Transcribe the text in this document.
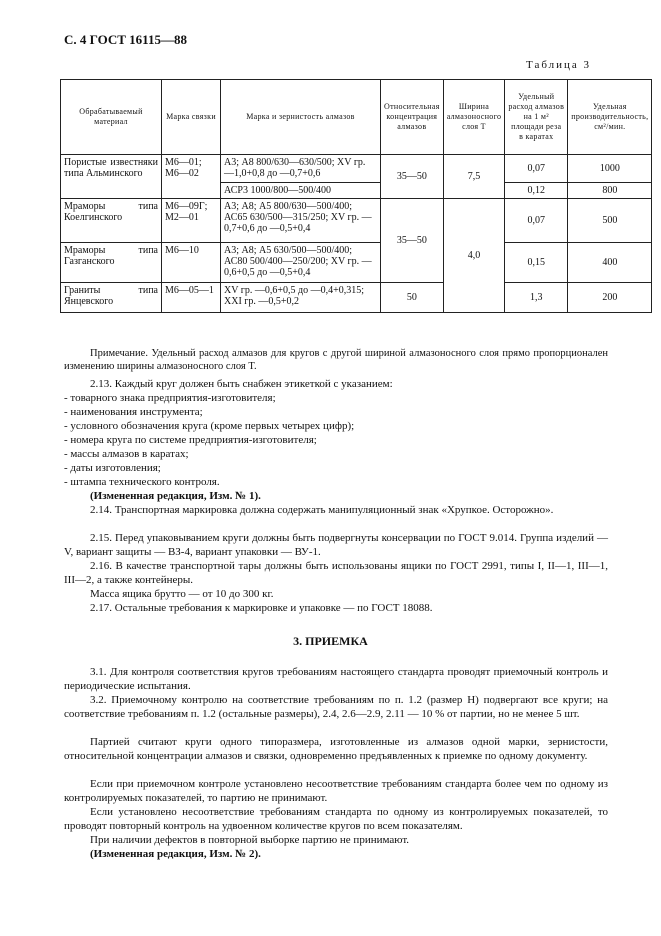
С. 4 ГОСТ 16115—88
Таблица 3
Обрабатываемый материал	Марка связки	Марка и зернистость алмазов	Относительная концентрация алмазов	Ширина алмазоносного слоя T	Удельный расход алмазов на 1 м² площади реза в каратах	Удельная производительность, см²/мин.
Пористые известняки типа Альминского	М6—01; М6—02	А3; А8 800/630—630/500; XV гр. —1,0+0,8 до —0,7+0,6	35—50	7,5	0,07	1000
		АСР3 1000/800—500/400			0,12	800
Мраморы типа Коелгинского	М6—09Г; М2—01	А3; А8; А5 800/630—500/400; АС65 630/500—315/250; XV гр. —0,7+0,6 до —0,5+0,4	35—50	4,0	0,07	500
Мраморы типа Газганского	М6—10	А3; А8; А5 630/500—500/400; АС80 500/400—250/200; XV гр. —0,6+0,5 до —0,5+0,4			0,15	400
Граниты типа Янцевского	М6—05—1	XV гр. —0,6+0,5 до —0,4+0,315; XXI гр. —0,5+0,2	50		1,3	200

Примечание. Удельный расход алмазов для кругов с другой шириной алмазоносного слоя прямо пропорционален изменению ширины алмазоносного слоя T.

2.13. Каждый круг должен быть снабжен этикеткой с указанием:

- товарного знака предприятия-изготовителя;

- наименования инструмента;

- условного обозначения круга (кроме первых четырех цифр);

- номера круга по системе предприятия-изготовителя;

- массы алмазов в каратах;

- даты изготовления;

- штампа технического контроля.

(Измененная редакция, Изм. № 1).

2.14. Транспортная маркировка должна содержать манипуляционный знак «Хрупкое. Осторожно».

2.15. Перед упаковыванием круги должны быть подвергнуты консервации по ГОСТ 9.014. Группа изделий — V, вариант защиты — ВЗ-4, вариант упаковки — ВУ-1.

2.16. В качестве транспортной тары должны быть использованы ящики по ГОСТ 2991, типы I, II—1, III—1, III—2, а также контейнеры.

Масса ящика брутто — от 10 до 300 кг.

2.17. Остальные требования к маркировке и упаковке — по ГОСТ 18088.

3. ПРИЕМКА

3.1. Для контроля соответствия кругов требованиям настоящего стандарта проводят приемочный контроль и периодические испытания.

3.2. Приемочному контролю на соответствие требованиям по п. 1.2 (размер H) подвергают все круги; на соответствие требованиям п. 1.2 (остальные размеры), 2.4, 2.6—2.9, 2.11 — 10 % от партии, но не менее 5 шт.

Партией считают круги одного типоразмера, изготовленные из алмазов одной марки, зернистости, относительной концентрации алмазов и связки, одновременно предъявленных к приемке по одному документу.

Если при приемочном контроле установлено несоответствие требованиям стандарта более чем по одному из контролируемых показателей, то партию не принимают.

Если установлено несоответствие требованиям стандарта по одному из контролируемых показателей, то проводят повторный контроль на удвоенном количестве кругов по всем показателям.

При наличии дефектов в повторной выборке партию не принимают.

(Измененная редакция, Изм. № 2).
